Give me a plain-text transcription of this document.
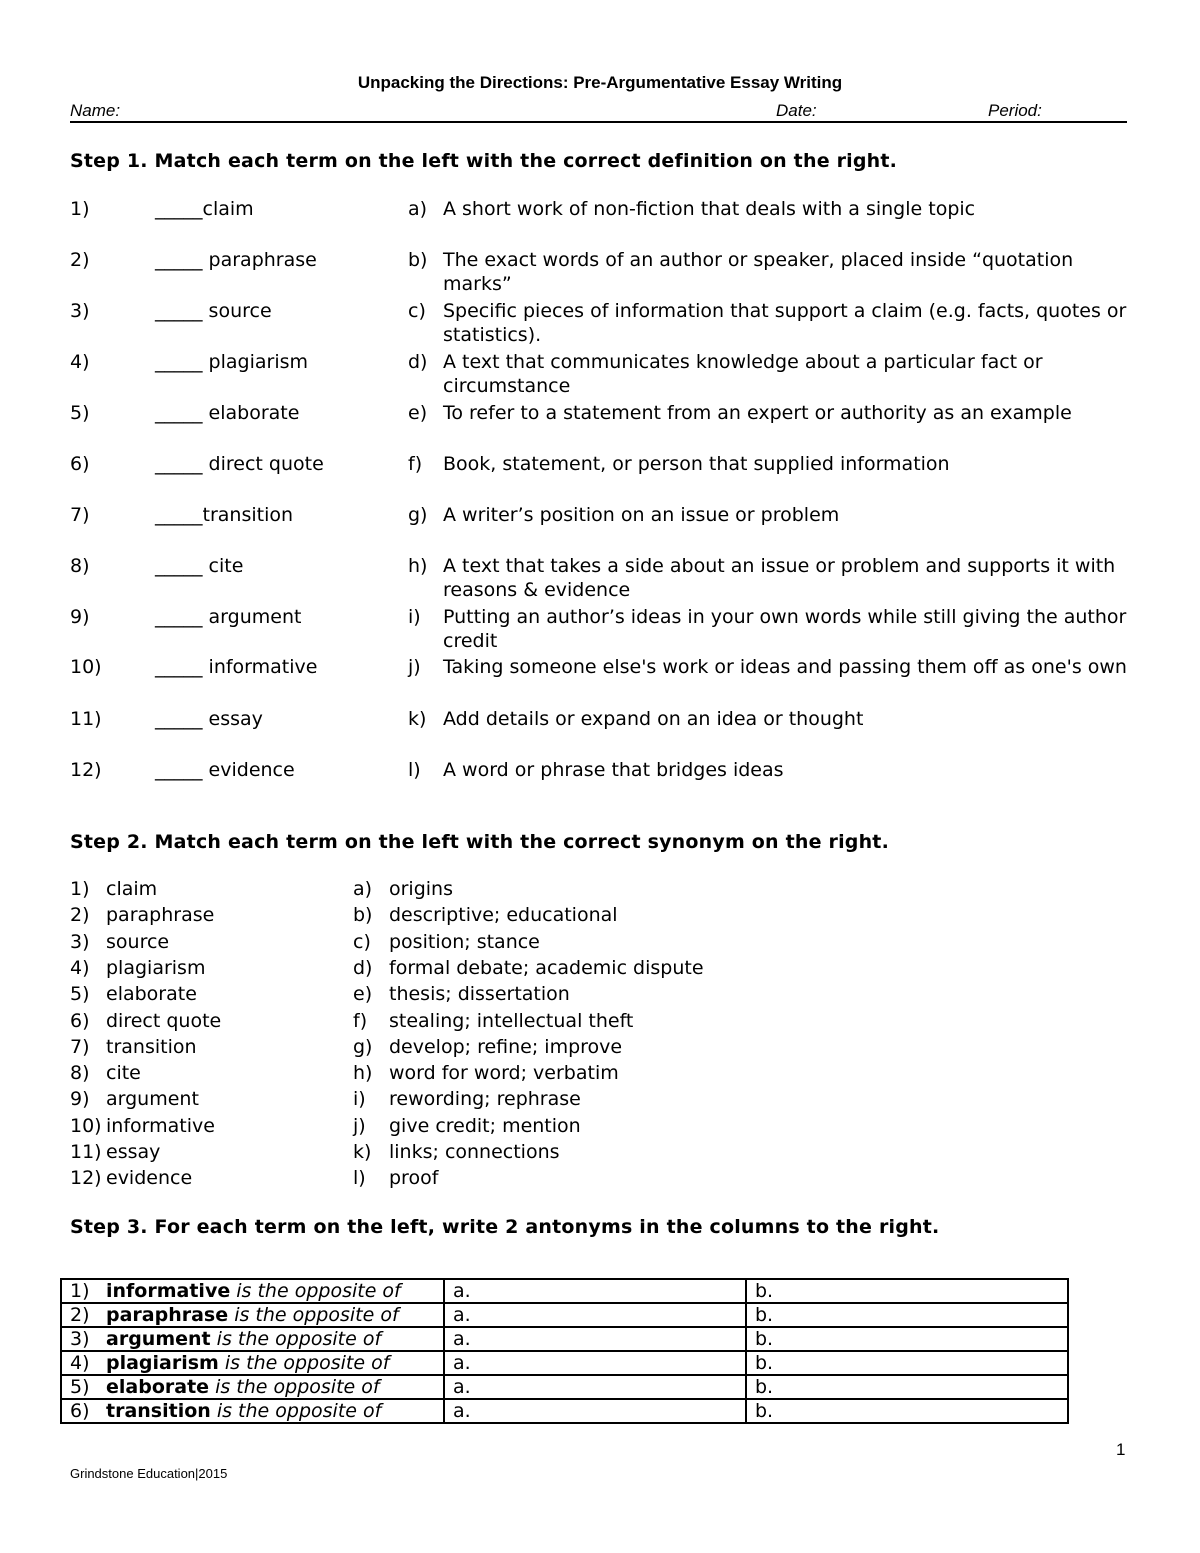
Unpacking the Directions: Pre-Argumentative Essay Writing
Name:	Date:	Period:
Step 1. Match each term on the left with the correct definition on the right.
1)	_____claim	a) A short work of non-fiction that deals with a single topic
2)	_____ paraphrase	b) The exact words of an author or speaker, placed inside “quotation marks”
3)	_____ source	c) Specific pieces of information that support a claim (e.g. facts, quotes or statistics).
4)	_____ plagiarism	d) A text that communicates knowledge about a particular fact or circumstance
5)	_____ elaborate	e) To refer to a statement from an expert or authority as an example
6)	_____ direct quote	f) Book, statement, or person that supplied information
7)	_____transition	g) A writer’s position on an issue or problem
8)	_____ cite	h) A text that takes a side about an issue or problem and supports it with reasons & evidence
9)	_____ argument	i) Putting an author’s ideas in your own words while still giving the author credit
10)	_____ informative	j) Taking someone else's work or ideas and passing them off as one's own
11)	_____ essay	k) Add details or expand on an idea or thought
12)	_____ evidence	l) A word or phrase that bridges ideas
Step 2. Match each term on the left with the correct synonym on the right.
1) claim	a) origins
2) paraphrase	b) descriptive; educational
3) source	c) position; stance
4) plagiarism	d) formal debate; academic dispute
5) elaborate	e) thesis; dissertation
6) direct quote	f) stealing; intellectual theft
7) transition	g) develop; refine; improve
8) cite	h) word for word; verbatim
9) argument	i) rewording; rephrase
10) informative	j) give credit; mention
11) essay	k) links; connections
12) evidence	l) proof
Step 3. For each term on the left, write 2 antonyms in the columns to the right.
1) informative is the opposite of	a.	b.
2) paraphrase is the opposite of	a.	b.
3) argument is the opposite of	a.	b.
4) plagiarism is the opposite of	a.	b.
5) elaborate is the opposite of	a.	b.
6) transition is the opposite of	a.	b.
1
Grindstone Education|2015
